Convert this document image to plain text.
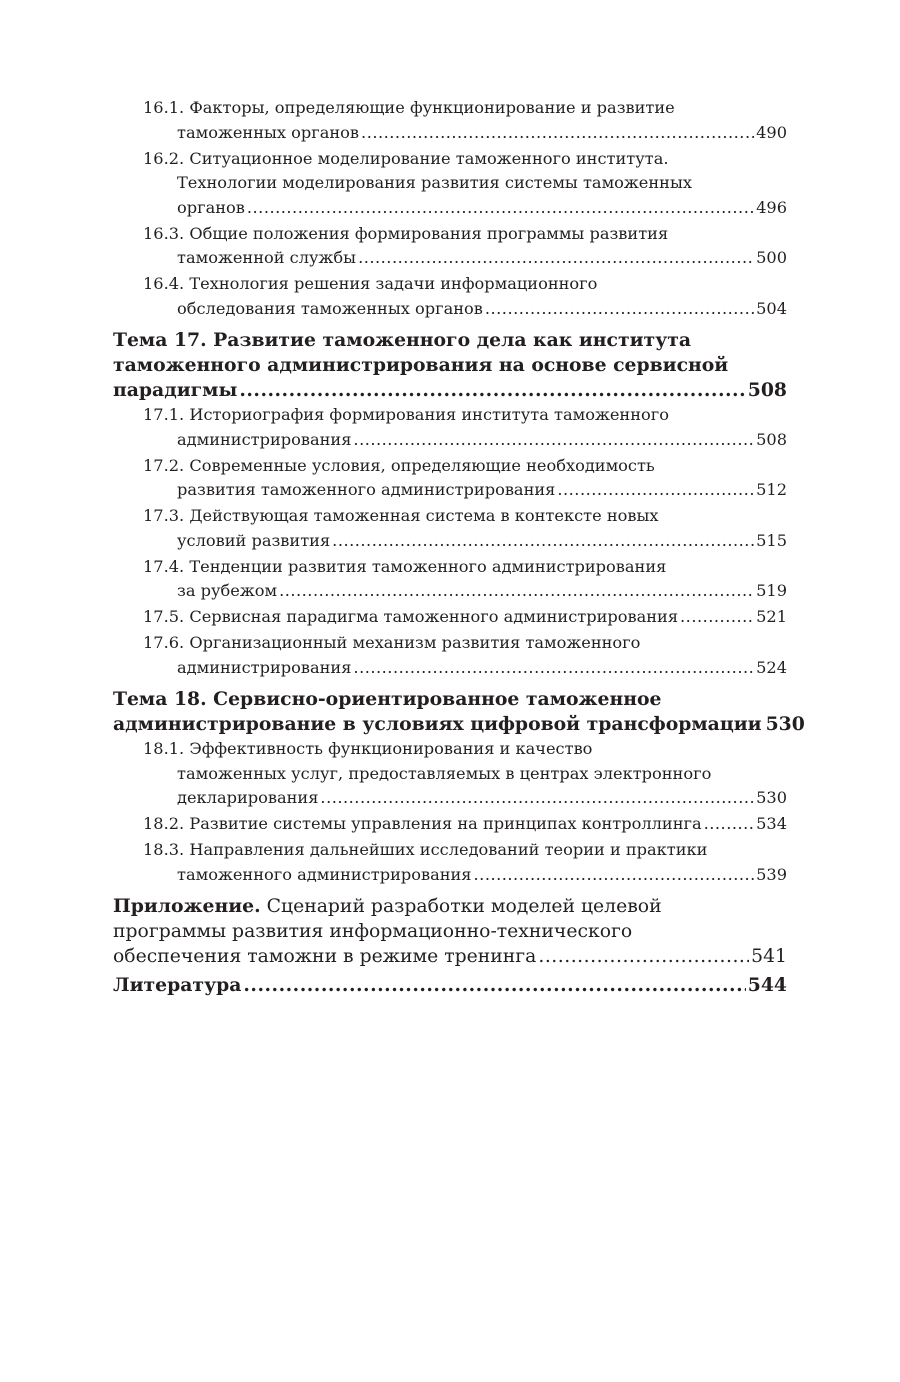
16.1. Факторы, определяющие функционирование и развитие
таможенных органов .....	490
16.2. Ситуационное моделирование таможенного института.
Технологии моделирования развития системы таможенных
органов .....	496
16.3. Общие положения формирования программы развития
таможенной службы .....	500
16.4. Технология решения задачи информационного
обследования таможенных органов .....	504
Тема 17. Развитие таможенного дела как института
таможенного администрирования на основе сервисной
парадигмы .....	508
17.1. Историография формирования института таможенного
администрирования .....	508
17.2. Современные условия, определяющие необходимость
развития таможенного администрирования .....	512
17.3. Действующая таможенная система в контексте новых
условий развития .....	515
17.4. Тенденции развития таможенного администрирования
за рубежом .....	519
17.5. Сервисная парадигма таможенного администрирования .....	521
17.6. Организационный механизм развития таможенного
администрирования .....	524
Тема 18. Сервисно-ориентированное таможенное
администрирование в условиях цифровой трансформации 530
18.1. Эффективность функционирования и качество
таможенных услуг, предоставляемых в центрах электронного
декларирования .....	530
18.2. Развитие системы управления на принципах контроллинга .....	534
18.3. Направления дальнейших исследований теории и практики
таможенного администрирования .....	539
Приложение. Сценарий разработки моделей целевой
программы развития информационно-технического
обеспечения таможни в режиме тренинга .....	541
Литература .....	544
